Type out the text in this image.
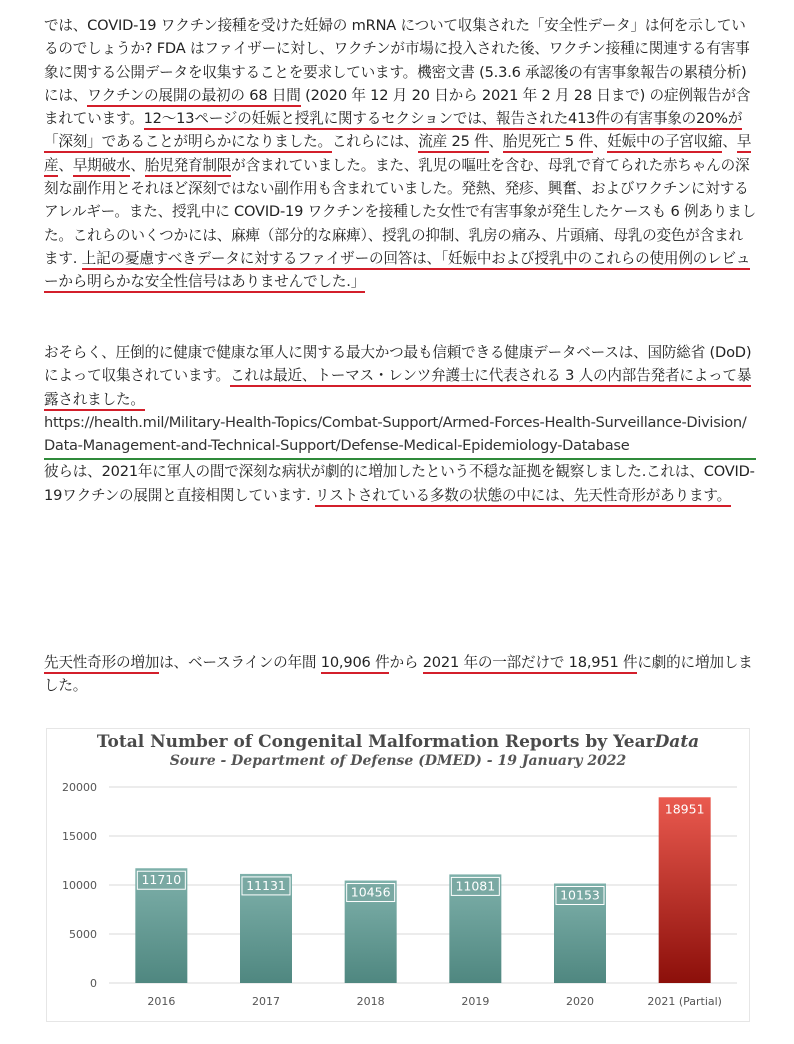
では、COVID-19 ワクチン接種を受けた妊婦の mRNA について収集された「安全性データ」は何を示しているのでしょうか? FDA はファイザーに対し、ワクチンが市場に投入された後、ワクチン接種に関連する有害事象に関する公開データを収集することを要求しています。機密文書 (5.3.6 承認後の有害事象報告の累積分析) には、ワクチンの展開の最初の 68 日間 (2020 年 12 月 20 日から 2021 年 2 月 28 日まで) の症例報告が含まれています。12～13ページの妊娠と授乳に関するセクションでは、報告された413件の有害事象の20%が「深刻」であることが明らかになりました。これらには、流産 25 件、胎児死亡 5 件、妊娠中の子宮収縮、早産、早期破水、胎児発育制限が含まれていました。また、乳児の嘔吐を含む、母乳で育てられた赤ちゃんの深刻な副作用とそれほど深刻ではない副作用も含まれていました。発熱、発疹、興奮、およびワクチンに対するアレルギー。また、授乳中に COVID-19 ワクチンを接種した女性で有害事象が発生したケースも 6 例ありました。これらのいくつかには、麻痺（部分的な麻痺）、授乳の抑制、乳房の痛み、片頭痛、母乳の変色が含まれます. 上記の憂慮すべきデータに対するファイザーの回答は、「妊娠中および授乳中のこれらの使用例のレビューから明らかな安全性信号はありませんでした.」

おそらく、圧倒的に健康で健康な軍人に関する最大かつ最も信頼できる健康データベースは、国防総省 (DoD) によって収集されています。これは最近、トーマス・レンツ弁護士に代表される 3 人の内部告発者によって暴露されました。
https://health.mil/Military-Health-Topics/Combat-Support/Armed-Forces-Health-Surveillance-Division/Data-Management-and-Technical-Support/Defense-Medical-Epidemiology-Database
彼らは、2021年に軍人の間で深刻な病状が劇的に増加したという不穏な証拠を観察しました.これは、COVID-19ワクチンの展開と直接相関しています. リストされている多数の状態の中には、先天性奇形があります。

先天性奇形の増加は、ベースラインの年間 10,906 件から 2021 年の一部だけで 18,951 件に劇的に増加しました。

Total Number of Congenital Malformation Reports by YearData
Soure - Department of Defense (DMED) - 19 January 2022
0
5000
10000
15000
20000
11710
2016
11131
2017
10456
2018
11081
2019
10153
2020
18951
2021 (Partial)
